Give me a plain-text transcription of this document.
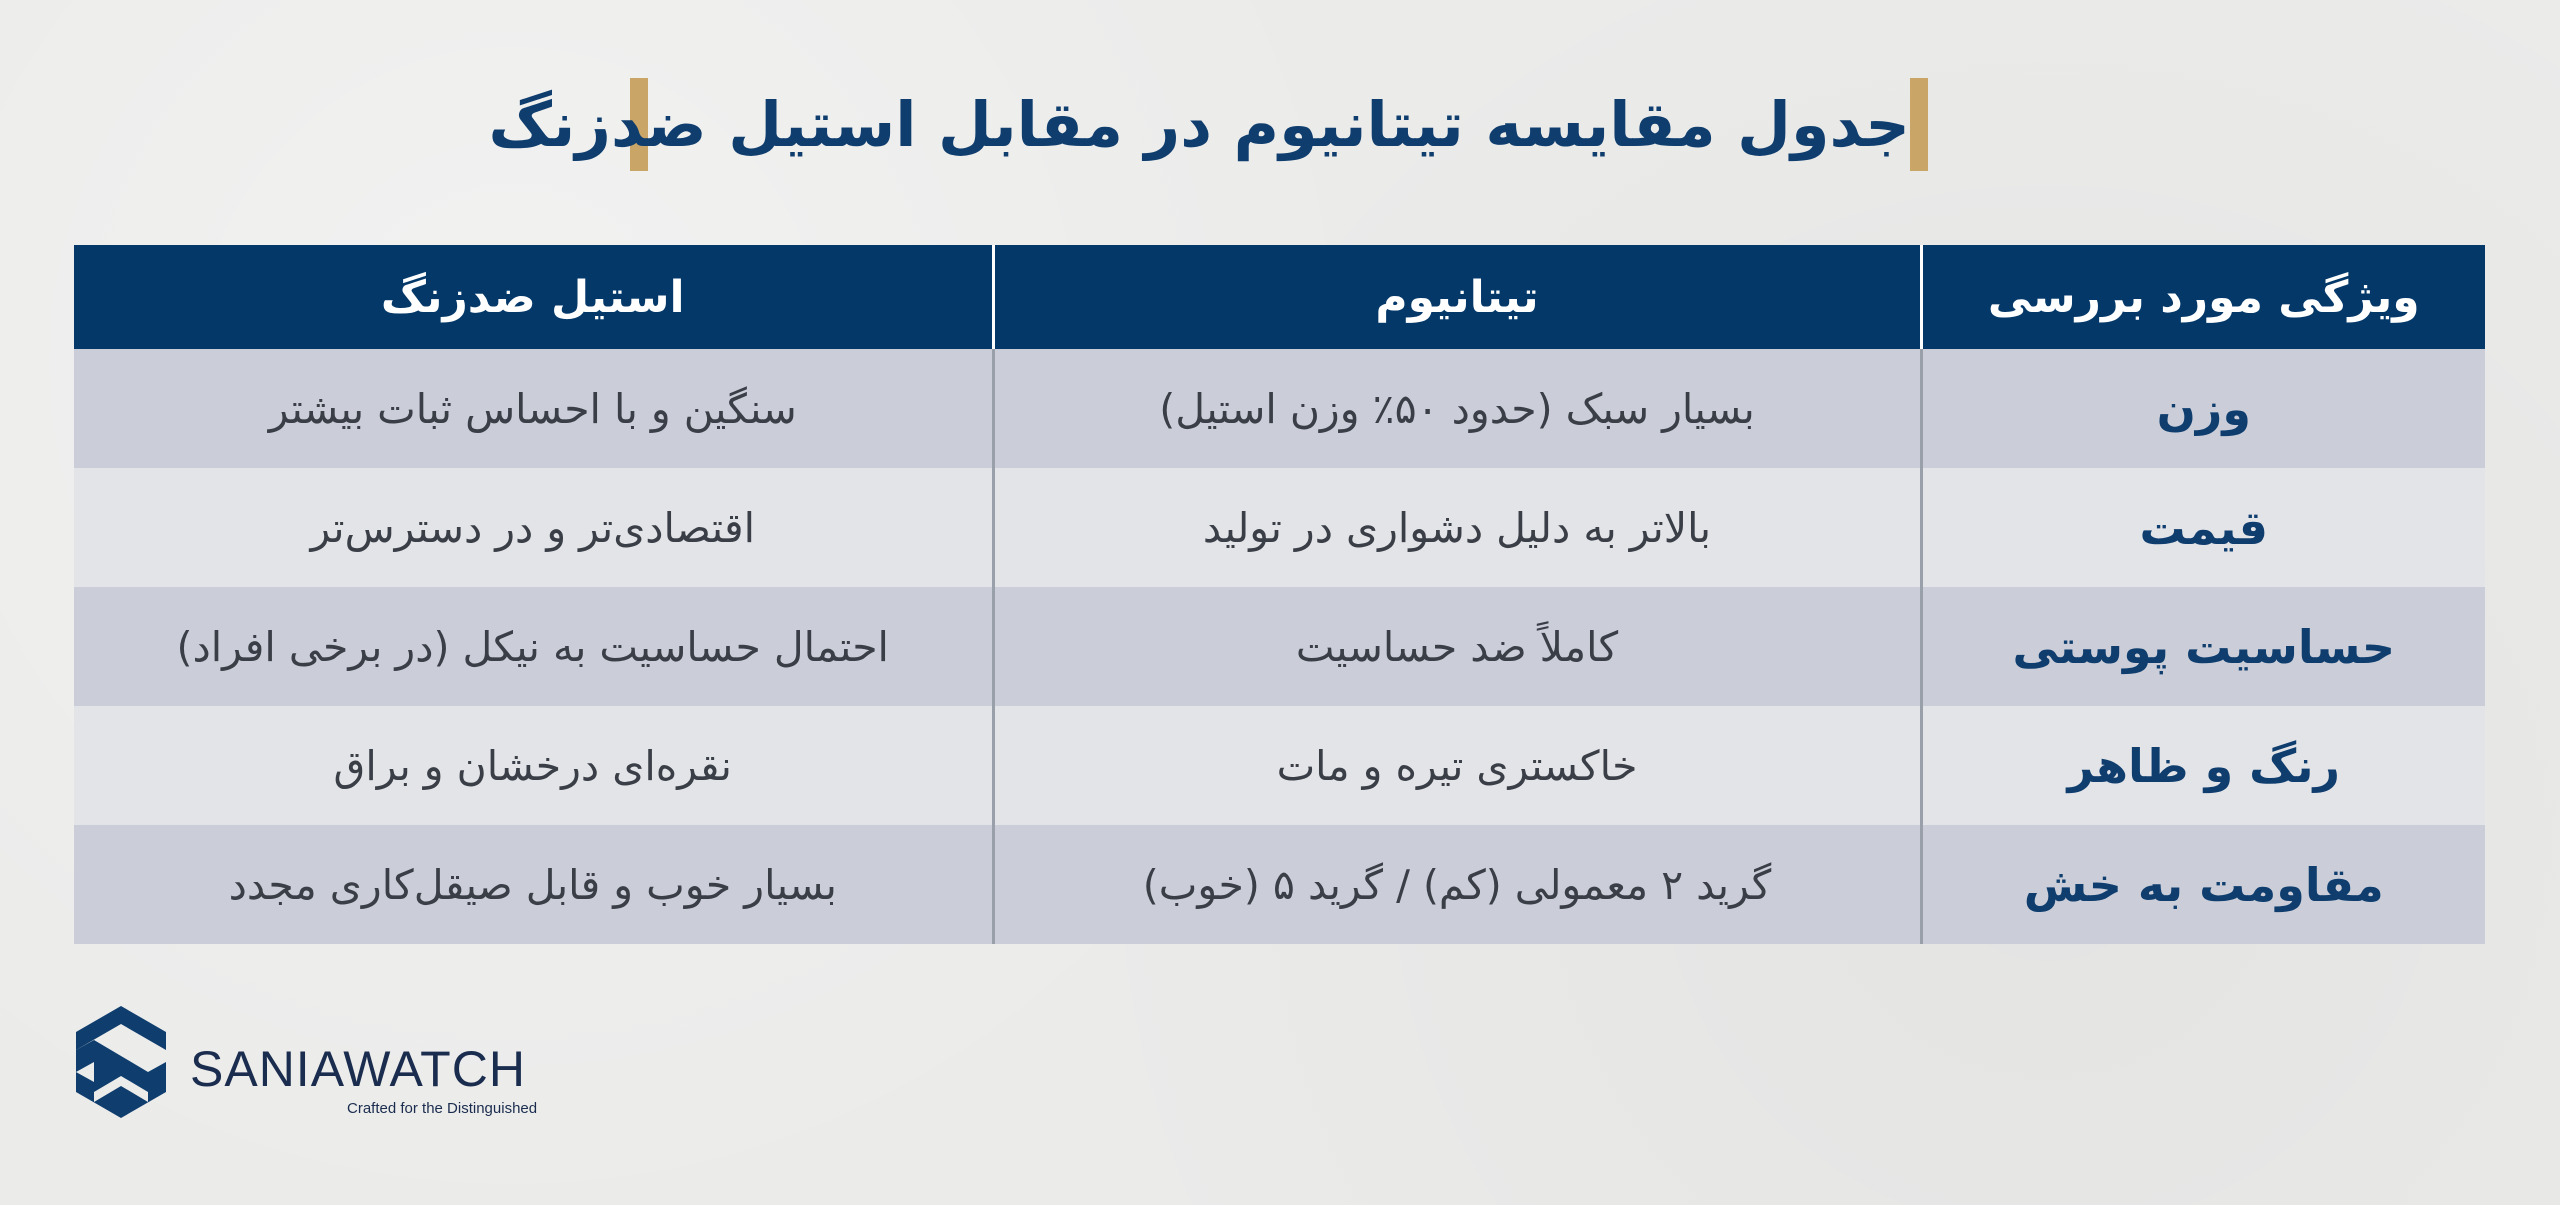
جدول مقایسه تیتانیوم در مقابل استیل ضدزنگ
ویژگی مورد بررسی	تیتانیوم	استیل ضدزنگ
وزن	بسیار سبک (حدود ۵۰٪ وزن استیل)	سنگین و با احساس ثبات بیشتر
قیمت	بالاتر به دلیل دشواری در تولید	اقتصادی‌تر و در دسترس‌تر
حساسیت پوستی	کاملاً ضد حساسیت	احتمال حساسیت به نیکل (در برخی افراد)
رنگ و ظاهر	خاکستری تیره و مات	نقره‌ای درخشان و براق
مقاومت به خش	گرید ۲ معمولی (کم) / گرید ۵ (خوب)	بسیار خوب و قابل صیقل‌کاری مجدد
SANIAWATCH
Crafted for the Distinguished
